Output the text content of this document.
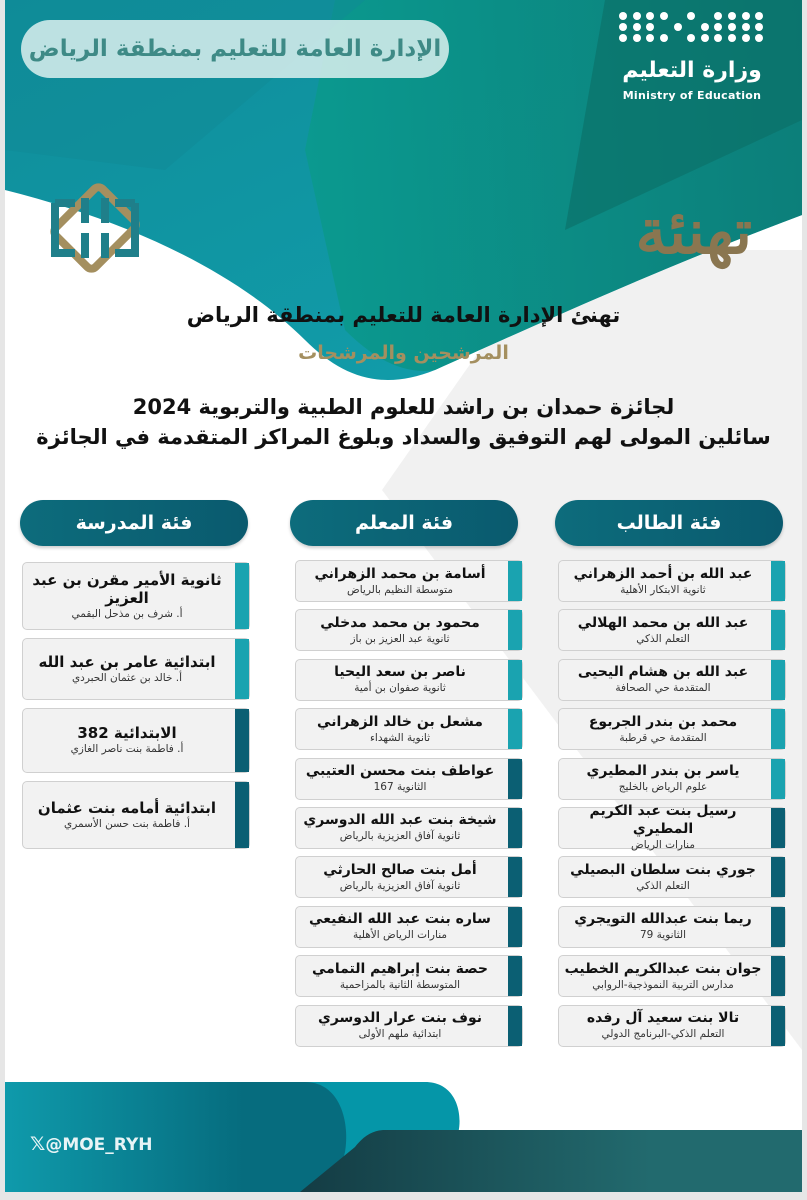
الإدارة العامة للتعليم بمنطقة الرياض
وزارة التعليم
Ministry of Education
تهنئة
تهنئ الإدارة العامة للتعليم بمنطقة الرياض
المرشحين والمرشحات
لجائزة حمدان بن راشد للعلوم الطبية والتربوية 2024
سائلين المولى لهم التوفيق والسداد وبلوغ المراكز المتقدمة في الجائزة
فئة الطالب
فئة المعلم
فئة المدرسة
عبد الله بن أحمد الزهراني
ثانوية الابتكار الأهلية
عبد الله بن محمد الهلالي
التعلم الذكي
عبد الله بن هشام اليحيى
المتقدمة حي الصحافة
محمد بن بندر الجربوع
المتقدمة حي قرطبة
ياسر بن بندر المطيري
علوم الرياض بالخليج
رسيل بنت عبد الكريم المطيري
منارات الرياض
جوري بنت سلطان البصيلي
التعلم الذكي
ريما بنت عبدالله التويجري
الثانوية 79
جوان بنت عبدالكريم الخطيب
مدارس التربية النموذجية-الروابي
تالا بنت سعيد آل رفده
التعلم الذكي-البرنامج الدولي
أسامة بن محمد الزهراني
متوسطة النظيم بالرياض
محمود بن محمد مدخلي
ثانوية عبد العزيز بن باز
ناصر بن سعد اليحيا
ثانوية صفوان بن أمية
مشعل بن خالد الزهراني
ثانوية الشهداء
عواطف بنت محسن العتيبي
الثانوية 167
شيخة بنت عبد الله الدوسري
ثانوية آفاق العزيزية بالرياض
أمل بنت صالح الحارثي
ثانوية آفاق العزيزية بالرياض
ساره بنت عبد الله النفيعي
منارات الرياض الأهلية
حصة بنت إبراهيم التمامي
المتوسطة الثانية بالمزاحمية
نوف بنت عرار الدوسري
ابتدائية ملهم الأولى
ثانوية الأمير مقرن بن عبد العزيز
أ. شرف بن مذحل البقمي
ابتدائية عامر بن عبد الله
أ. خالد بن عثمان الحبردي
الابتدائية 382
أ. فاطمة بنت ناصر الغازي
ابتدائية أمامه بنت عثمان
أ. فاطمة بنت حسن الأسمري
𝕏@MOE_RYH
